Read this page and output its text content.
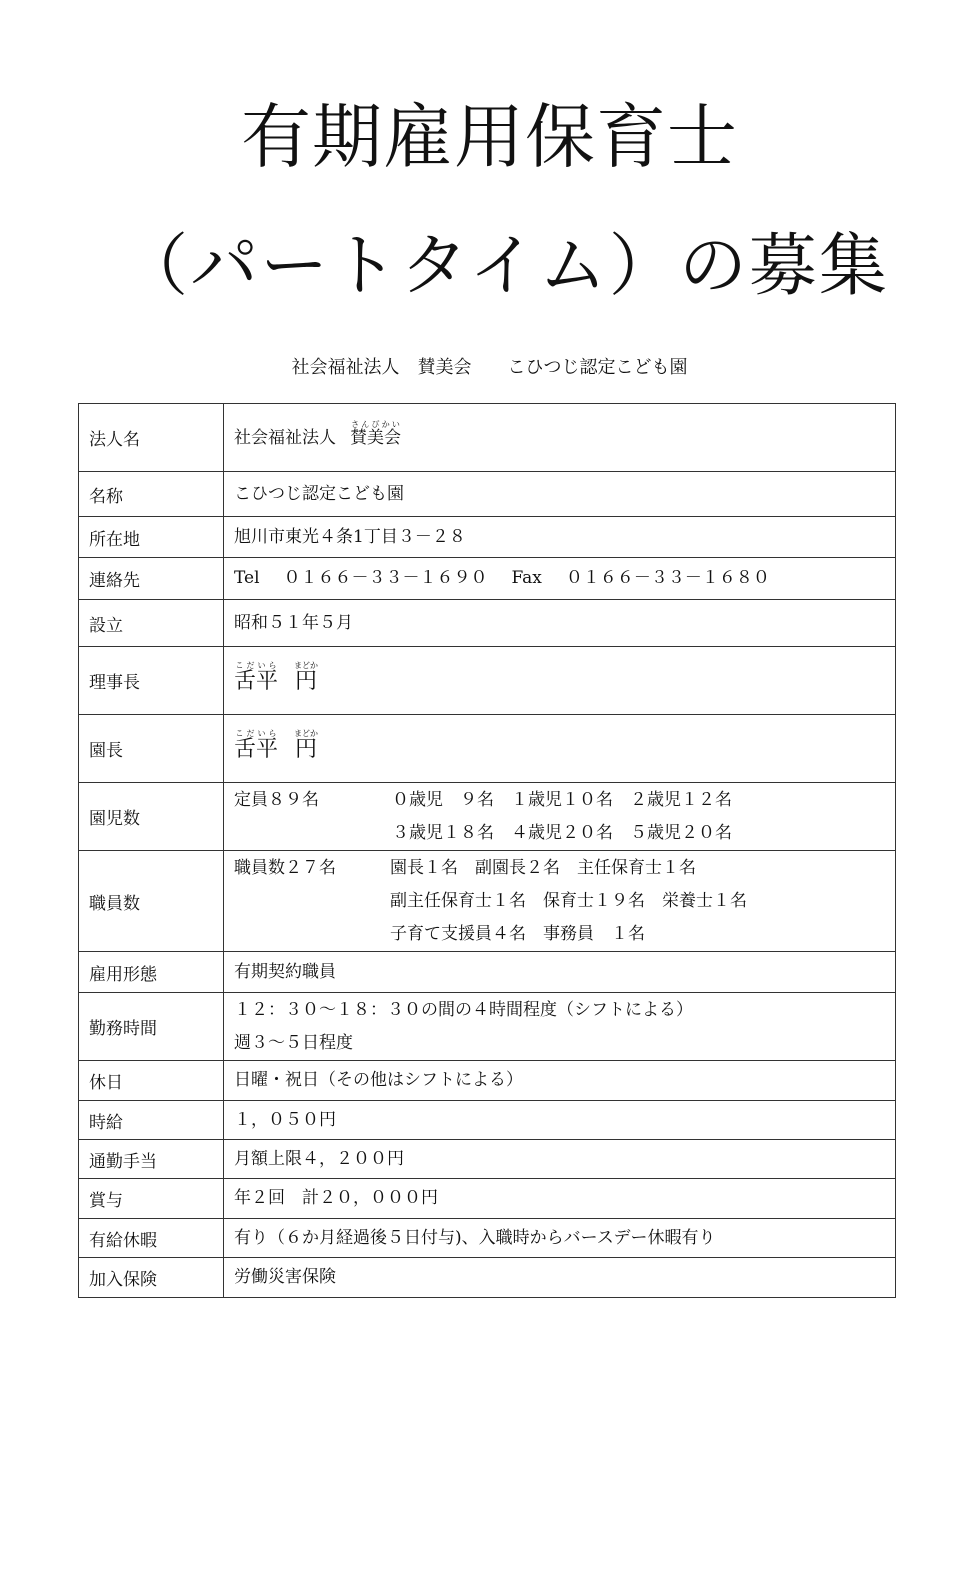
有期雇用保育士
（パートタイム）の募集
社会福祉法人　賛美会 こひつじ認定こども園
法人名	社会福祉法人 賛美会さんびかい
名称	こひつじ認定こども園
所在地	旭川市東光４条1丁目３－２８
連絡先	Tel ０１６６－３３－１６９０ Fax ０１６６－３３－１６８０
設立	昭和５１年５月
理事長	舌平こだいら円まどか
園長	舌平こだいら円まどか
園児数	定員８９名 ０歳児　９名　１歳児１０名　２歳児１２名
３歳児１８名　４歳児２０名　５歳児２０名

職員数	職員数２７名 園長１名　副園長２名　主任保育士１名
副主任保育士１名　保育士１９名　栄養士１名
子育て支援員４名　事務員　１名

雇用形態	有期契約職員
勤務時間	１２：３０～１８：３０の間の４時間程度（シフトによる）
週３～５日程度

休日	日曜・祝日（その他はシフトによる）
時給	１，０５０円
通勤手当	月額上限４，２００円
賞与	年２回　計２０，０００円
有給休暇	有り（６か月経過後５日付与)、入職時からバースデー休暇有り
加入保険	労働災害保険
